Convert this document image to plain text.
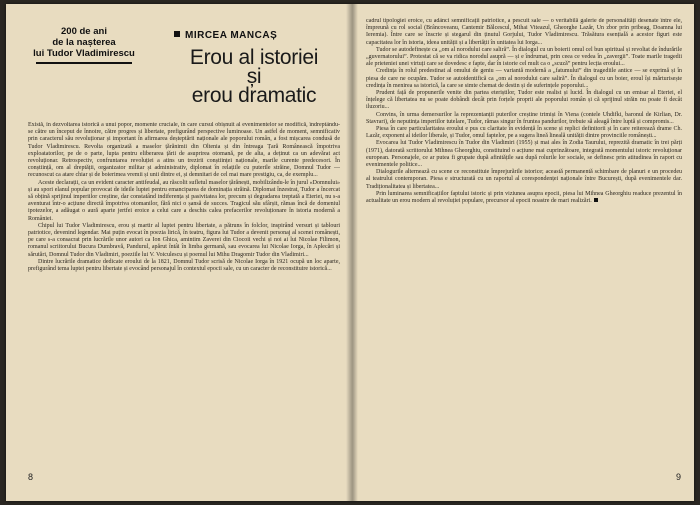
200 de ani
de la nașterea
lui Tudor Vladimirescu
MIRCEA MANCAȘ
Erou al istoriei
și
erou dramatic

Există, în dezvoltarea istorică a unui popor, momente cruciale, în care cursul obișnuit al evenimentelor se modifică, îndreptându-se către un început de înnoire, către progres și libertate, prefigurând perspective luminoase. Un astfel de moment, semnificativ prin caracterul său revoluționar și important în afirmarea deșteptării naționale ale poporului român, a fost mișcarea condusă de Tudor Vladimirescu. Revolta organizată a maselor țărănimii din Oltenia și din întreaga Țară Românească împotriva exploatatorilor, pe de o parte, lupta pentru eliberarea țării de asuprirea otomană, pe de alta, a deținut ca un adevărat act revoluționar. Retrospectiv, confruntarea revoluției a atins un trezirii conștiinței naționale, marile curente predecesori. În conștiință, om al dreptății, organizator militar și administrativ, diplomat în relațiile cu puterile străine, Domnul Tudor — recunoscut ca atare chiar și de boierimea vremii și unii dintre ei, și demnitari de cel mai mare prestigiu, ca, de exemplu...

Aceste declarații, ca un evident caracter antifeudal, au răscolit sufletul maselor țărănești, mobilizându-le în jurul «Domnului» și au spori elanul popular provocat de ideile luptei pentru emanciparea de dominația străină. Diplomat înzestrat, Tudor a încercat să obțină sprijinul imperiilor creștine, dar constatând indiferența și pasivitatea lor, precum și degradarea treptată a Eteriei, nu s-a aventurat într-o acțiune directă împotriva otomanilor, fără nici o șansă de succes. Tragicul său sfârșit, rămas încă de domeniul ipotezelor, a adăugat o aură aparte jertfei eroice a celui care a deschis calea prefacerilor revoluționare în istoria modernă a României.

Chipul lui Tudor Vladimirescu, erou și martir al luptei pentru libertate, a pătruns în folclor, inspirând versuri și tablouri patriotice, devenind legendar. Mai puțin evocat în poezia lirică, în teatru, figura lui Tudor a devenit personaj al scenei românești, pe care s-a consacrat prin lucrările unor autori ca Ion Ghica, amintim Zaverei din Ciocoii vechi și noi ai lui Nicolae Filimon, romanul scriitorului Bucura Dumbravă, Pandurul, apărut întâi în limba germană, sau evocarea lui Nicolae Iorga, în Aplecări și sărutări, Domnul Tudor din Vladimiri, poeziile lui V. Voiculescu și poemul lui Mihu Dragomir Tudor din Vladimiri...

Dintre lucrările dramatice dedicate eroului de la 1821, Domnul Tudor scrisă de Nicolae Iorga în 1921 ocupă un loc aparte, prefigurând tema luptei pentru libertate și evocând personajul în contextul epocii sale, cu un caracter de reconstituire istorică...

8

cadrul tipologiei eroice, cu adânci semnificații patriotice, a pescuit sale — o veritabilă galerie de personalități desenate între ele, împreună cu rol social (Brâncoveanu, Cantemir Bălcescul, Mihai Viteazul, Gheorghe Lazăr, Un zbor prin pribeag, Doamna lui Ieremia). Între care se înscrie și stegarul din ținutul Gorjului, Tudor Vladimirescu. Trăsătura esențială a acestor figuri este capacitatea lor în istoria, ideea unității și a libertății în unitatea lui Iorga...

Tudor se autodefinește ca „om al norodului care saliră”. În dialogul cu un boierii omul cel bun spiritual și revoltat de îndurările „guvernatorului”. Protestat că se va ridica norodul asupră — și e îndrumat, prin ceea ce vedea în „zavergii”. Toate marile tragedii ale prieteniei unei virtuți care se dovedesc e fapte, dar în istorie cel mult ca o „scuză” pentru lecția eroului...

Credința în rolul predestinat al omului de geniu — variantă modernă a „fatumului” din tragediile antice — se exprimă și în piesa de care ne ocupăm. Tudor se autoidentifică ca „om al norodului care saliră”. În dialogul cu un boier, eroul își mărturisește credința în menirea sa istorică, la care se simte chemat de destin și de suferințele poporului...

Prudent față de propunerile venite din partea eteriștilor, Tudor este realist și lucid. În dialogul cu un emisar al Eteriei, el înțelege că libertatea nu se poate dobândi decât prin forțele proprii ale poporului român și că sprijinul străin nu poate fi decât iluzoriu...

Convins, în urma demersurilor la reprezentanții puterilor creștine trimiși în Viena (contele Uhdifki, baronul de Kirlian, Dr. Stavrari), de neputința imperiilor tutelare, Tudor, rămas singur în fruntea pandurilor, trebuie să aleagă între luptă și compromis...

Piesa în care particularitatea eroului e pus cu claritate în evidență în scene și replici definitorii și în care reiterează drame Ch. Lazăr, exponent al ideilor liberale, și Tudor, omul faptelor, pe a sugera lineă lineală unității dintre provinciile românești...

Evocarea lui Tudor Vladimirescu în Tudor din Vladimiri (1955) și mai ales în Zodia Taurului, reprezită dramatic în trei părți (1971), datorată scriitorului Mihnea Gheorghiu, constituind o acțiune mai cuprinzătoare, integrată momentului istoric revoluționar european. Personajele, ce ar putea fi grupate după afinitățile sau după rolurile lor sociale, se definesc prin atitudinea în raport cu evenimentele politice...

Dialogurile alternează cu scene ce reconstituie împrejurările istorice; această permanentă schimbare de planuri e un procedeu al teatrului contemporan. Piesa e structurată cu un raportul al corespondenței naționale între București, după evenimentele dar. Tradiționalitatea și libertatea...

Prin luminarea semnificațiilor faptului istoric și prin viziunea asupra epocii, piesa lui Mihnea Gheorghiu readuce prezentul în actualitate un erou modern al revoluției populare, precursor al epocii noastre de mari realizări.

9
